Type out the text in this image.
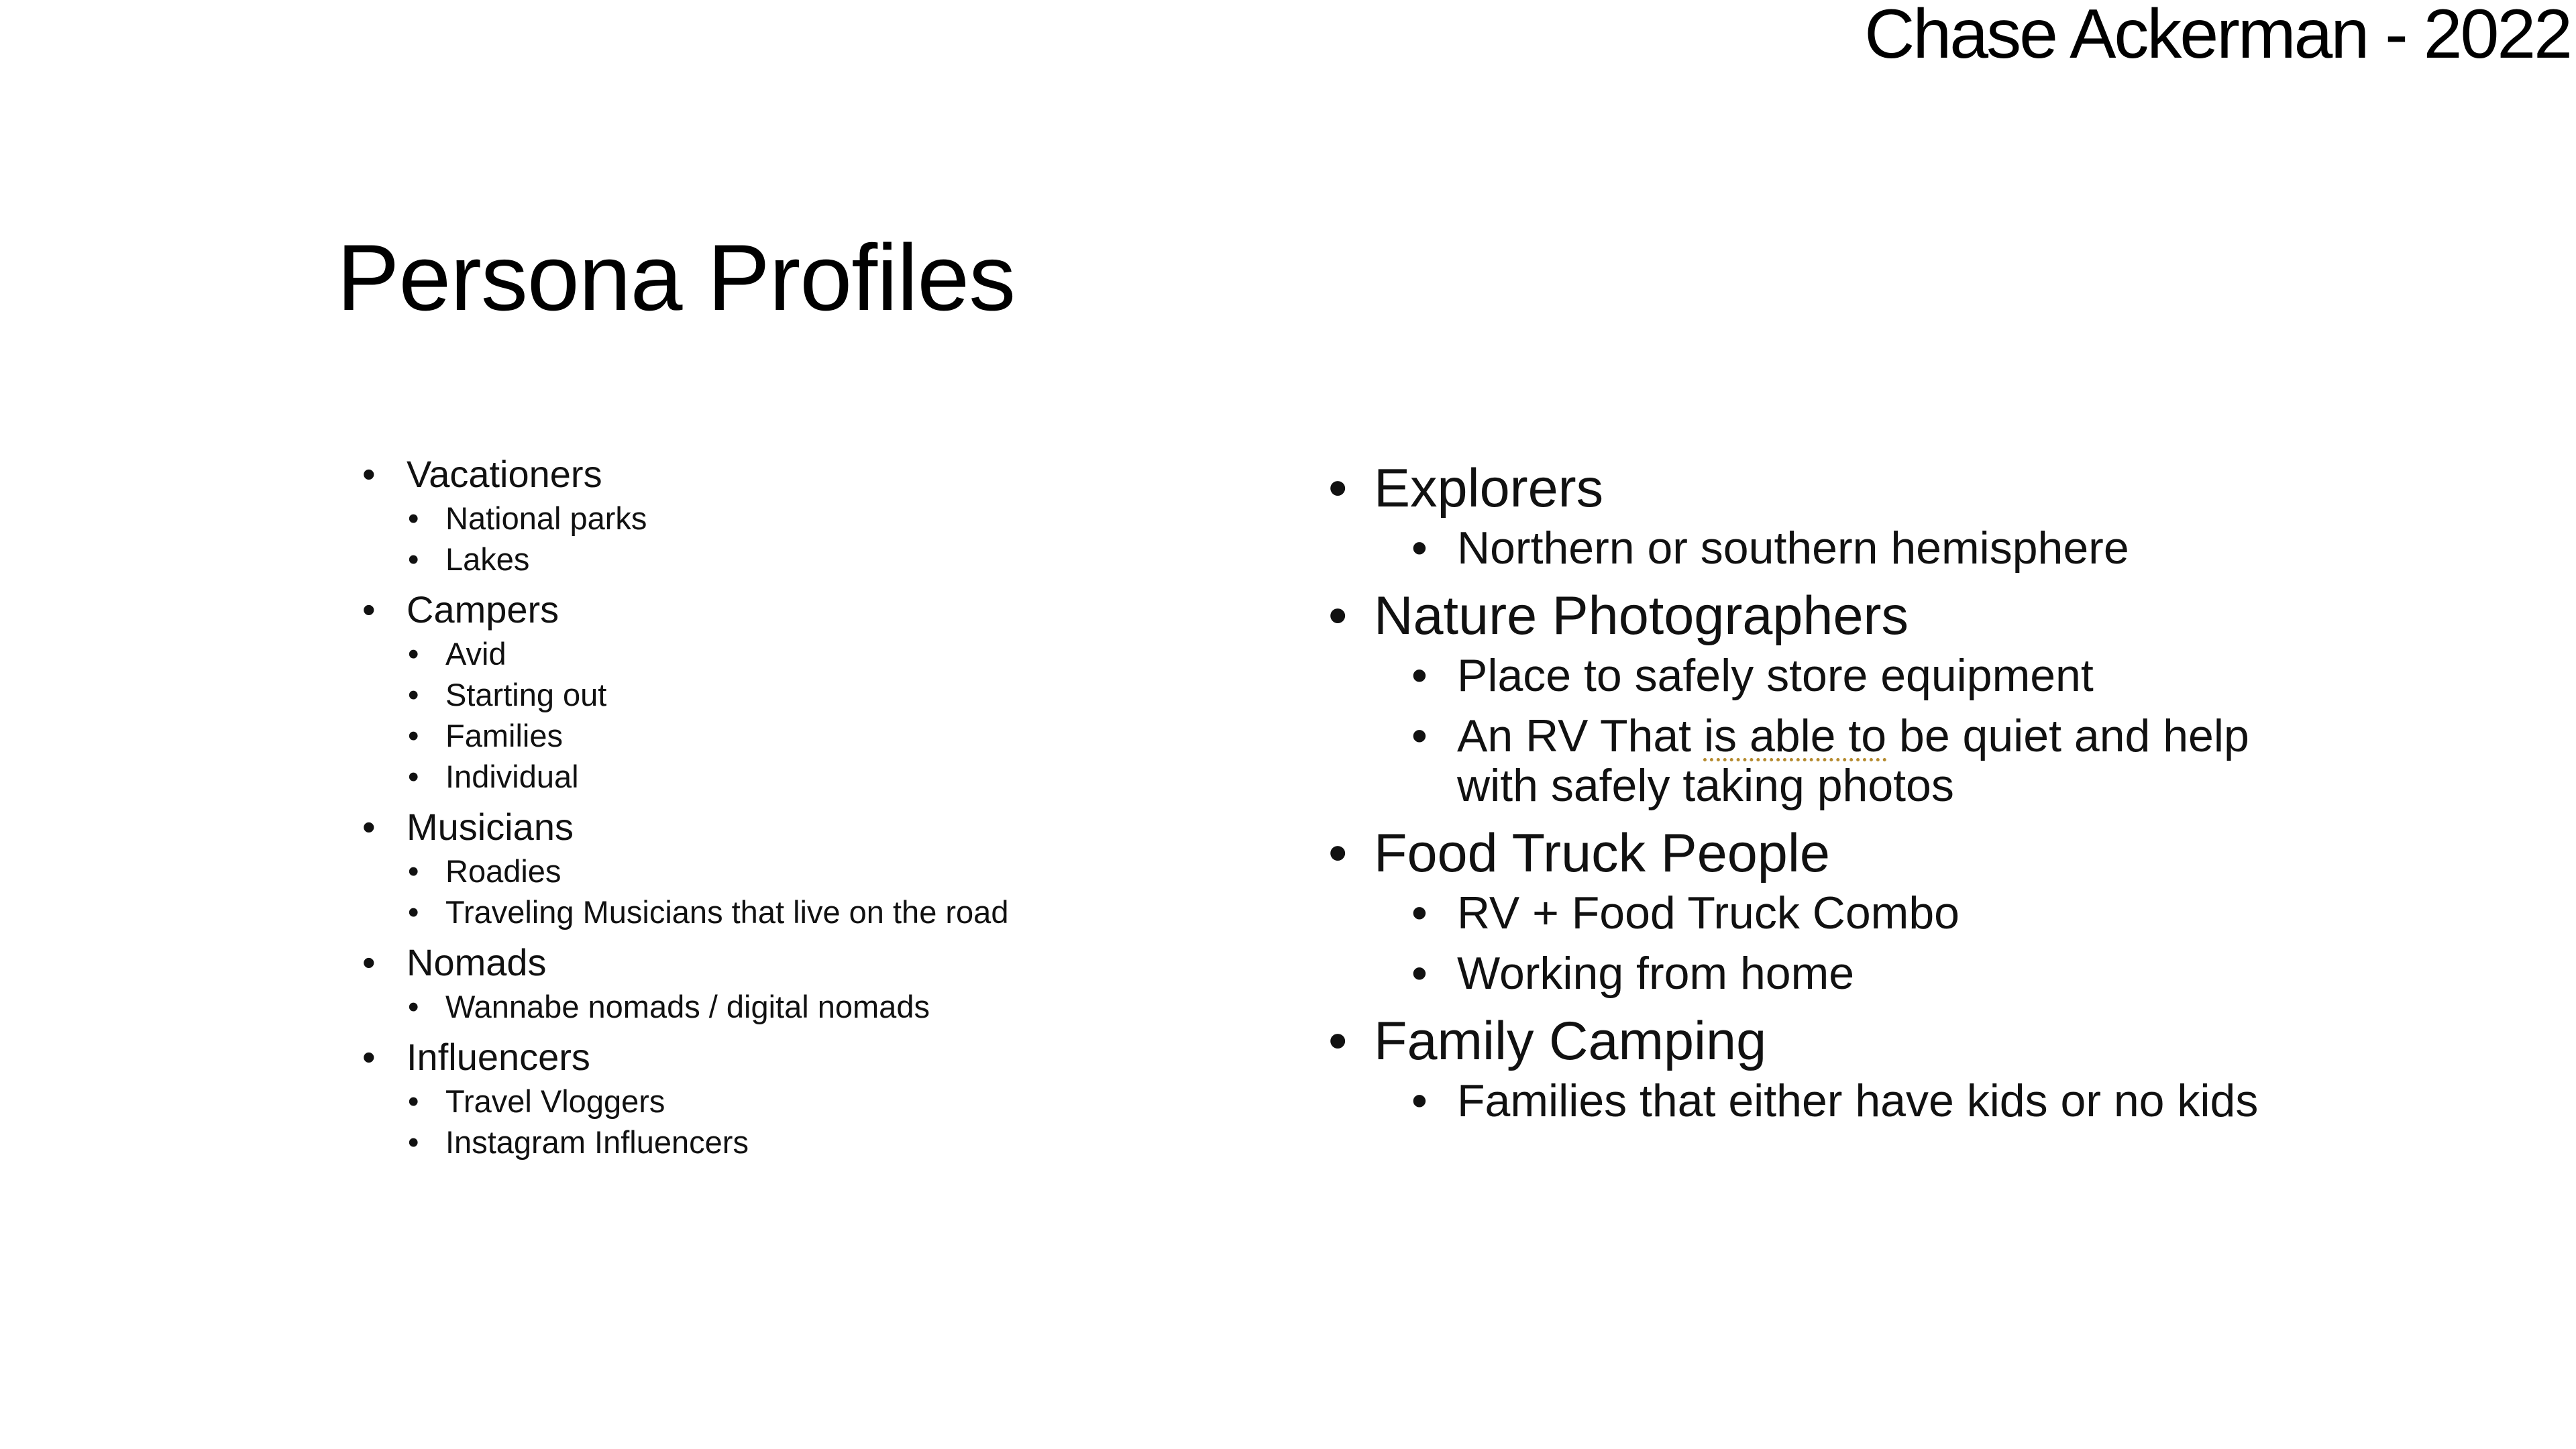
Chase Ackerman - 2022
Persona Profiles
• Vacationers
• National parks
• Lakes
• Campers
• Avid
• Starting out
• Families
• Individual
• Musicians
• Roadies
• Traveling Musicians that live on the road
• Nomads
• Wannabe nomads / digital nomads
• Influencers
• Travel Vloggers
• Instagram Influencers
• Explorers
• Northern or southern hemisphere
• Nature Photographers
• Place to safely store equipment
• An RV That is able to be quiet and help with safely taking photos
• Food Truck People
• RV + Food Truck Combo
• Working from home
• Family Camping
• Families that either have kids or no kids
